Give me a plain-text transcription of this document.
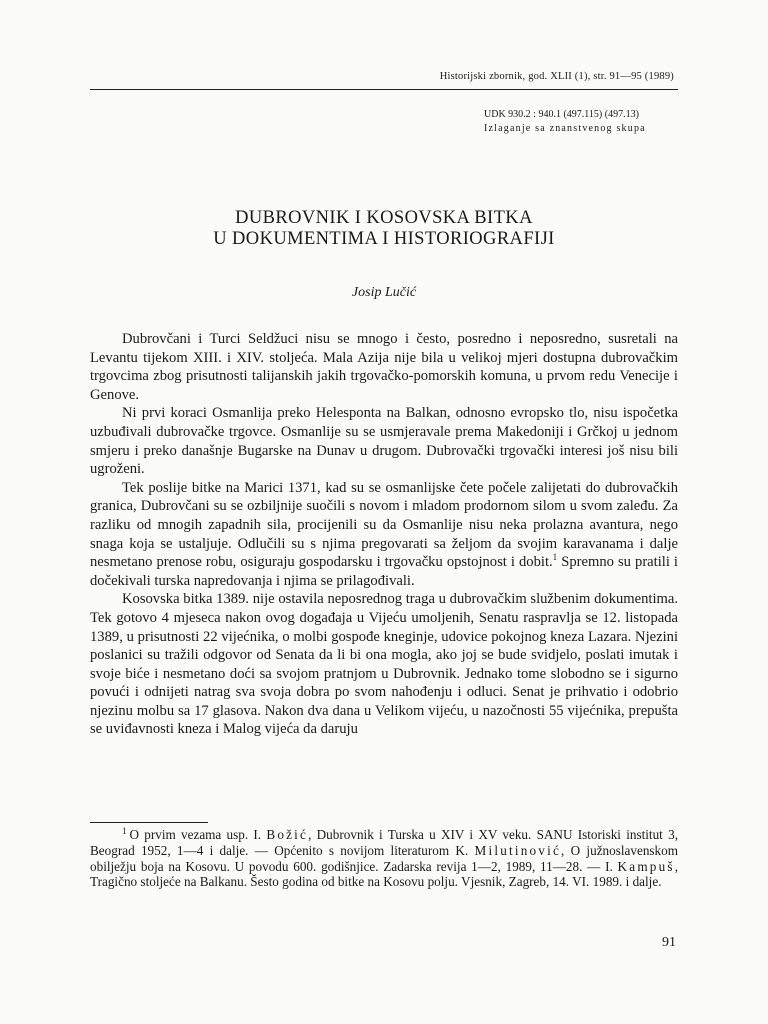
Historijski zbornik, god. XLII (1), str. 91—95 (1989)
UDK 930.2 : 940.1 (497.115) (497.13)
Izlaganje sa znanstvenog skupa
DUBROVNIK I KOSOVSKA BITKA
U DOKUMENTIMA I HISTORIOGRAFIJI
Josip Lučić

Dubrovčani i Turci Seldžuci nisu se mnogo i često, posredno i neposredno, susretali na Levantu tijekom XIII. i XIV. stoljeća. Mala Azija nije bila u velikoj mjeri dostupna dubrovačkim trgovcima zbog prisutnosti talijanskih jakih trgovačko-pomorskih komuna, u prvom redu Venecije i Genove.

Ni prvi koraci Osmanlija preko Helesponta na Balkan, odnosno evropsko tlo, nisu ispočetka uzbuđivali dubrovačke trgovce. Osmanlije su se usmjeravale prema Makedoniji i Grčkoj u jednom smjeru i preko današnje Bugarske na Dunav u drugom. Dubrovački trgovački interesi još nisu bili ugroženi.

Tek poslije bitke na Marici 1371, kad su se osmanlijske čete počele zalijetati do dubrovačkih granica, Dubrovčani su se ozbiljnije suočili s novom i mladom prodornom silom u svom zaleđu. Za razliku od mnogih zapadnih sila, procijenili su da Osmanlije nisu neka prolazna avantura, nego snaga koja se ustaljuje. Odlučili su s njima pregovarati sa željom da svojim karavanama i dalje nesmetano prenose robu, osiguraju gospodarsku i trgovačku opstojnost i dobit.$^1$ Spremno su pratili i dočekivali turska napredovanja i njima se prilagođivali.

Kosovska bitka 1389. nije ostavila neposrednog traga u dubrovačkim službenim dokumentima. Tek gotovo 4 mjeseca nakon ovog događaja u Vijeću umoljenih, Senatu raspravlja se 12. listopada 1389, u prisutnosti 22 vijećnika, o molbi gospođe kneginje, udovice pokojnog kneza Lazara. Njezini poslanici su tražili odgovor od Senata da li bi ona mogla, ako joj se bude svidjelo, poslati imutak i svoje biće i nesmetano doći sa svojom pratnjom u Dubrovnik. Jednako tome slobodno se i sigurno povući i odnijeti natrag sva svoja dobra po svom nahođenju i odluci. Senat je prihvatio i odobrio njezinu molbu sa 17 glasova. Nakon dva dana u Velikom vijeću, u nazočnosti 55 vijećnika, prepušta se uviđavnosti kneza i Malog vijeća da daruju

$^1$ O prvim vezama usp. I. Božić, Dubrovnik i Turska u XIV i XV veku. SANU Istoriski institut 3, Beograd 1952, 1—4 i dalje. — Općenito s novijom literaturom K. Milutinović, O južnoslavenskom obilježju boja na Kosovu. U povodu 600. godišnjice. Zadarska revija 1—2, 1989, 11—28. — I. Kampuš, Tragično stoljeće na Balkanu. Šesto godina od bitke na Kosovu polju. Vjesnik, Zagreb, 14. VI. 1989. i dalje.

91
